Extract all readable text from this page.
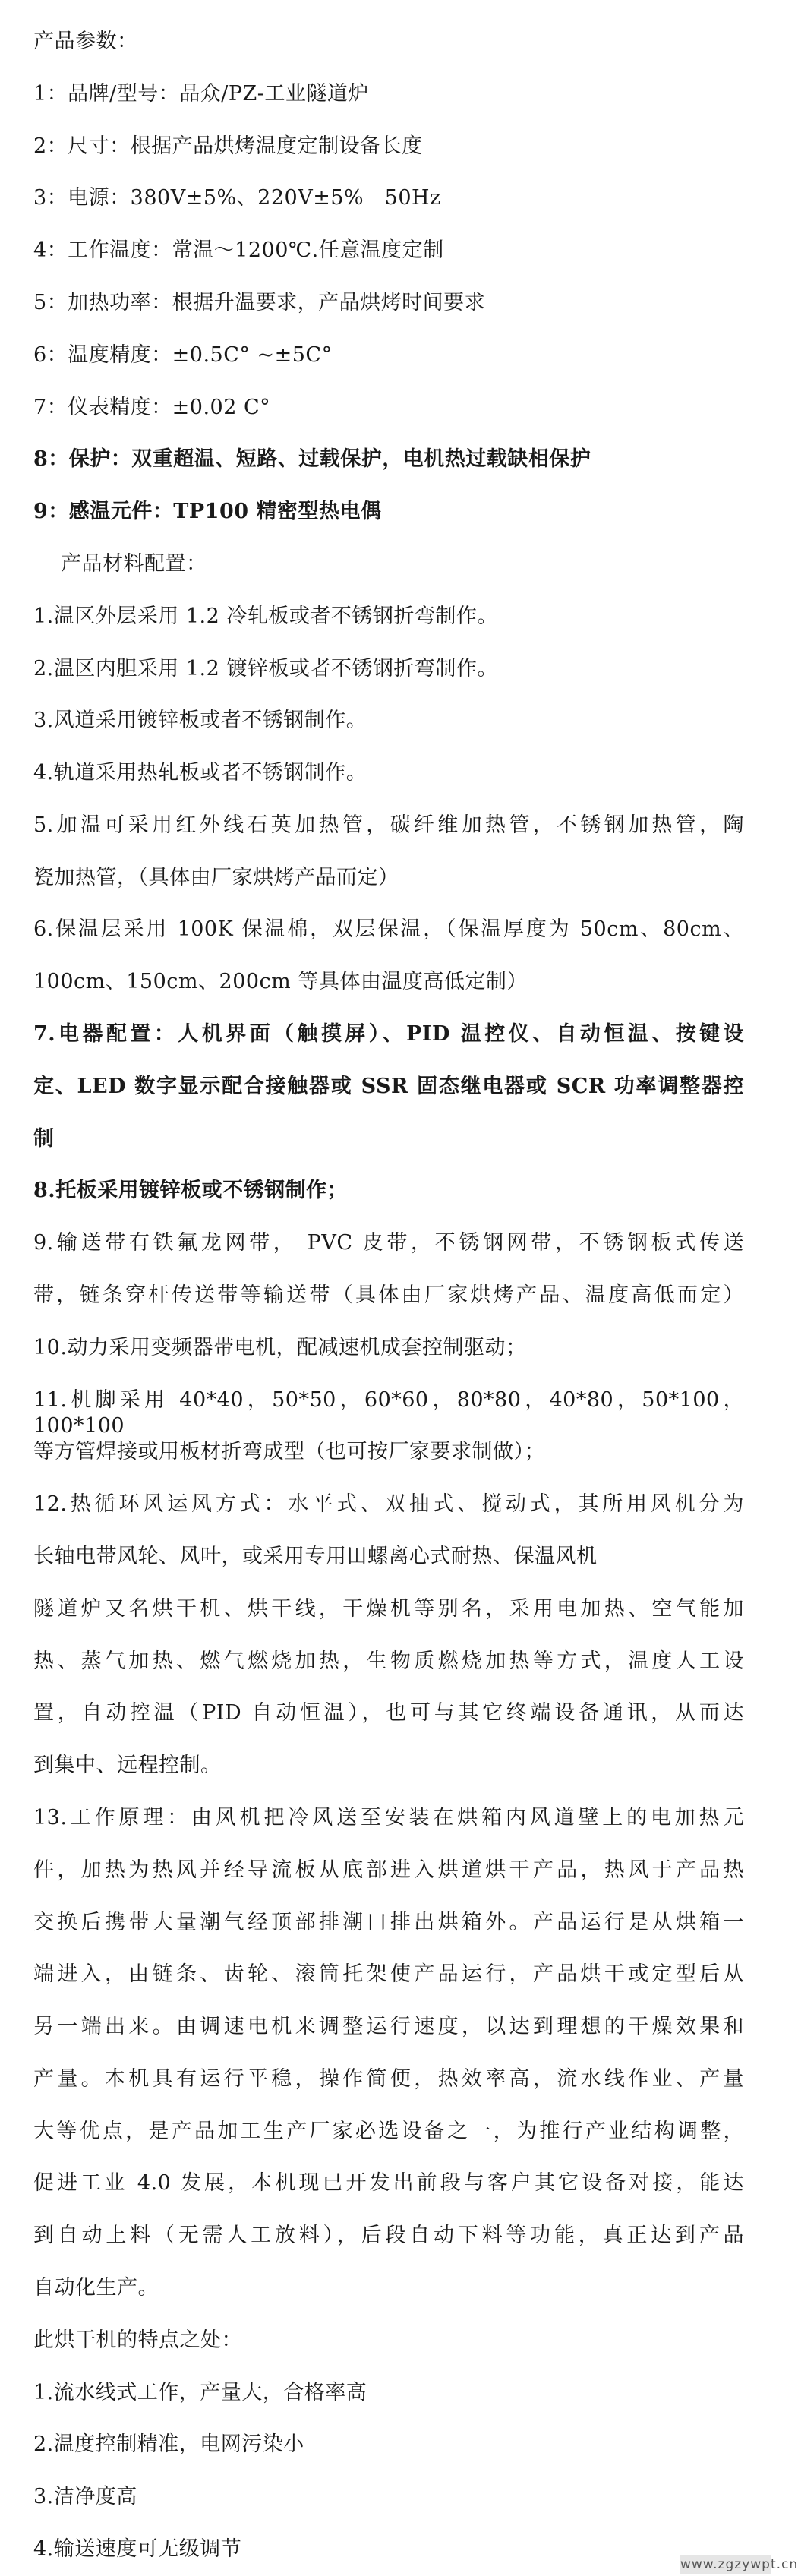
产品参数：
1：品牌/型号：品众/PZ-工业隧道炉
2：尺寸：根据产品烘烤温度定制设备长度
3：电源：380V±5%、220V±5%　50Hz
4：工作温度：常温～1200℃.任意温度定制
5：加热功率：根据升温要求，产品烘烤时间要求
6：温度精度：±0.5C° ~±5C°
7：仪表精度：±0.02 C°
8：保护：双重超温、短路、过载保护，电机热过载缺相保护
9：感温元件：TP100 精密型热电偶
产品材料配置：
1.温区外层采用 1.2 冷轧板或者不锈钢折弯制作。
2.温区内胆采用 1.2 镀锌板或者不锈钢折弯制作。
3.风道采用镀锌板或者不锈钢制作。
4.轨道采用热轧板或者不锈钢制作。
5.加温可采用红外线石英加热管，碳纤维加热管，不锈钢加热管，陶
瓷加热管，（具体由厂家烘烤产品而定）
6.保温层采用 100K 保温棉，双层保温，（保温厚度为 50cm、80cm、
100cm、150cm、200cm 等具体由温度高低定制）
7.电器配置：人机界面（触摸屏）、PID 温控仪、自动恒温、按键设
定、LED 数字显示配合接触器或 SSR 固态继电器或 SCR 功率调整器控
制
8.托板采用镀锌板或不锈钢制作；
9.输送带有铁氟龙网带， PVC 皮带，不锈钢网带，不锈钢板式传送
带，链条穿杆传送带等输送带（具体由厂家烘烤产品、温度高低而定）
10.动力采用变频器带电机，配减速机成套控制驱动；
11.机脚采用 40*40，50*50，60*60，80*80，40*80，50*100，100*100
等方管焊接或用板材折弯成型（也可按厂家要求制做）；
12.热循环风运风方式：水平式、双抽式、搅动式，其所用风机分为
长轴电带风轮、风叶，或采用专用田螺离心式耐热、保温风机
隧道炉又名烘干机、烘干线，干燥机等别名，采用电加热、空气能加
热、蒸气加热、燃气燃烧加热，生物质燃烧加热等方式，温度人工设
置，自动控温（PID 自动恒温），也可与其它终端设备通讯，从而达
到集中、远程控制。
13.工作原理：由风机把冷风送至安装在烘箱内风道壁上的电加热元
件，加热为热风并经导流板从底部进入烘道烘干产品，热风于产品热
交换后携带大量潮气经顶部排潮口排出烘箱外。产品运行是从烘箱一
端进入，由链条、齿轮、滚筒托架使产品运行，产品烘干或定型后从
另一端出来。由调速电机来调整运行速度，以达到理想的干燥效果和
产量。本机具有运行平稳，操作简便，热效率高，流水线作业、产量
大等优点，是产品加工生产厂家必选设备之一，为推行产业结构调整，
促进工业 4.0 发展，本机现已开发出前段与客户其它设备对接，能达
到自动上料（无需人工放料），后段自动下料等功能，真正达到产品
自动化生产。
此烘干机的特点之处：
1.流水线式工作，产量大，合格率高
2.温度控制精准，电网污染小
3.洁净度高
4.输送速度可无级调节
www.zgzywpt.cn
